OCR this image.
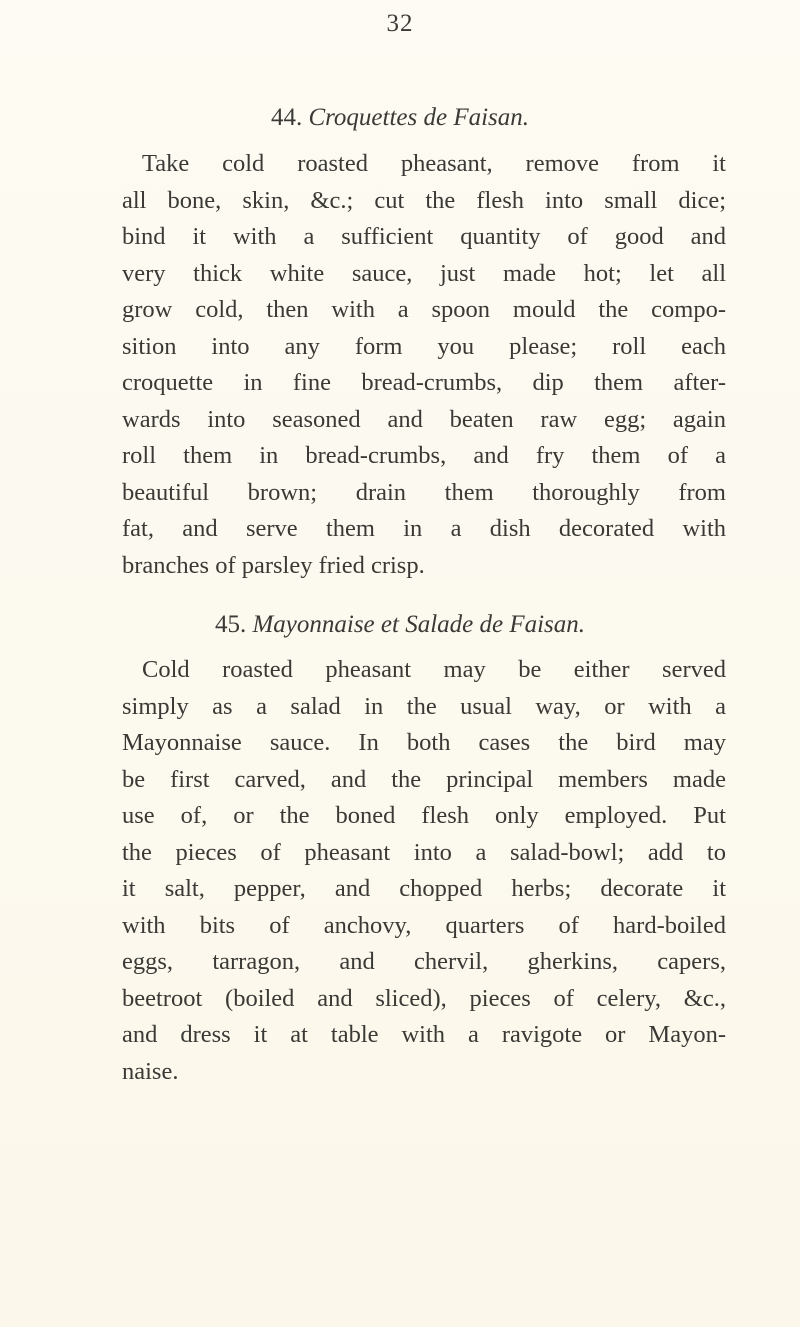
32
44. Croquettes de Faisan.
Take cold roasted pheasant, remove from it
all bone, skin, &c.; cut the flesh into small dice;
bind it with a sufficient quantity of good and
very thick white sauce, just made hot; let all
grow cold, then with a spoon mould the compo-
sition into any form you please; roll each
croquette in fine bread-crumbs, dip them after-
wards into seasoned and beaten raw egg; again
roll them in bread-crumbs, and fry them of a
beautiful brown; drain them thoroughly from
fat, and serve them in a dish decorated with
branches of parsley fried crisp.
45. Mayonnaise et Salade de Faisan.
Cold roasted pheasant may be either served
simply as a salad in the usual way, or with a
Mayonnaise sauce. In both cases the bird may
be first carved, and the principal members made
use of, or the boned flesh only employed. Put
the pieces of pheasant into a salad-bowl; add to
it salt, pepper, and chopped herbs; decorate it
with bits of anchovy, quarters of hard-boiled
eggs, tarragon, and chervil, gherkins, capers,
beetroot (boiled and sliced), pieces of celery, &c.,
and dress it at table with a ravigote or Mayon-
naise.
